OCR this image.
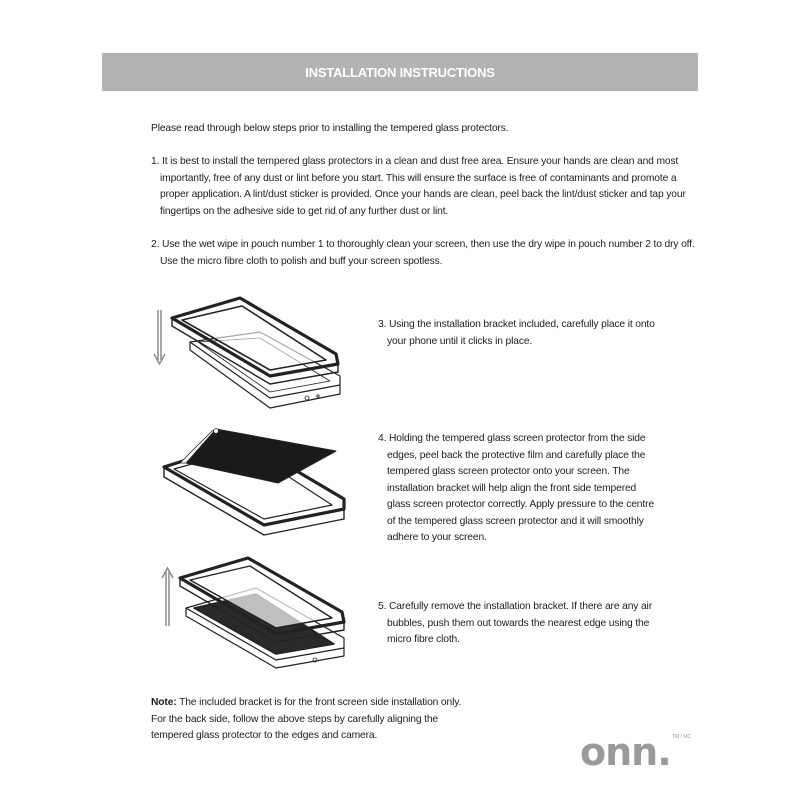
INSTALLATION INSTRUCTIONS
Please read through below steps prior to installing the tempered glass protectors.
1. It is best to install the tempered glass protectors in a clean and dust free area. Ensure your hands are clean and most
importantly, free of any dust or lint before you start. This will ensure the surface is free of contaminants and promote a
proper application. A lint/dust sticker is provided. Once your hands are clean, peel back the lint/dust sticker and tap your
fingertips on the adhesive side to get rid of any further dust or lint.
2. Use the wet wipe in pouch number 1 to thoroughly clean your screen, then use the dry wipe in pouch number 2 to dry off.
Use the micro fibre cloth to polish and buff your screen spotless.
3. Using the installation bracket included, carefully place it onto
your phone until it clicks in place.
4. Holding the tempered glass screen protector from the side
edges, peel back the protective film and carefully place the
tempered glass screen protector onto your screen. The
installation bracket will help align the front side tempered
glass screen protector correctly. Apply pressure to the centre
of the tempered glass screen protector and it will smoothly
adhere to your screen.
5. Carefully remove the installation bracket. If there are any air
bubbles, push them out towards the nearest edge using the
micro fibre cloth.
Note: The included bracket is for the front screen side installation only.
For the back side, follow the above steps by carefully aligning the
tempered glass protector to the edges and camera.	onn. TM / MC
